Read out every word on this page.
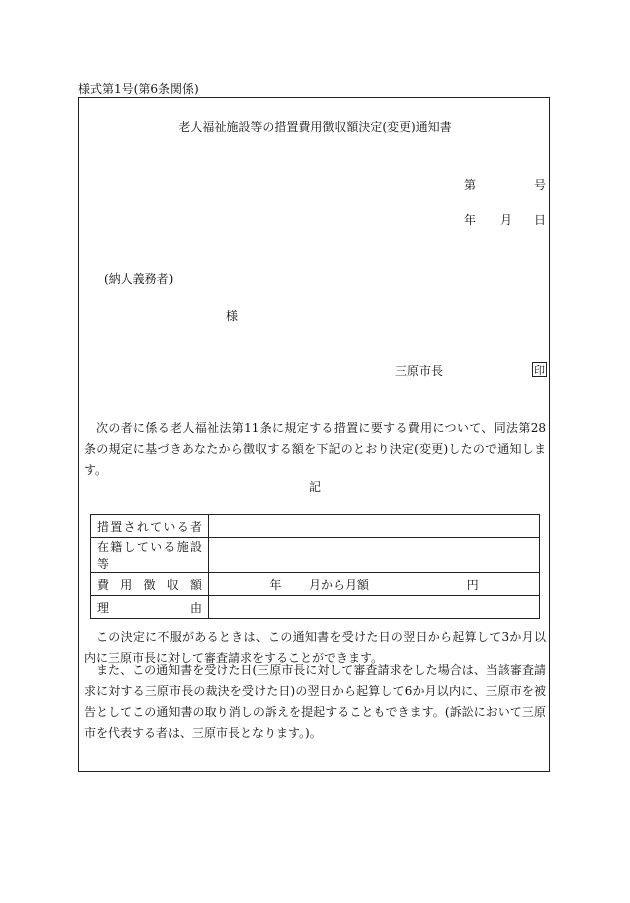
様式第1号(第6条関係)
老人福祉施設等の措置費用徴収額決定(変更)通知書
第	号
年 月 日
(納人義務者)
様
三原市長	印
次の者に係る老人福祉法第11条に規定する措置に要する費用について、同法第28条の規定に基づきあなたから徴収する額を下記のとおり決定(変更)したので通知します。
記
措置されている者	
在籍している施設等	
費用徴収額	年 月から月額 円
理由	
この決定に不服があるときは、この通知書を受けた日の翌日から起算して3か月以内に三原市長に対して審査請求をすることができます。
また、この通知書を受けた日(三原市長に対して審査請求をした場合は、当該審査請求に対する三原市長の裁決を受けた日)の翌日から起算して6か月以内に、三原市を被告としてこの通知書の取り消しの訴えを提起することもできます。(訴訟において三原市を代表する者は、三原市長となります。)。
